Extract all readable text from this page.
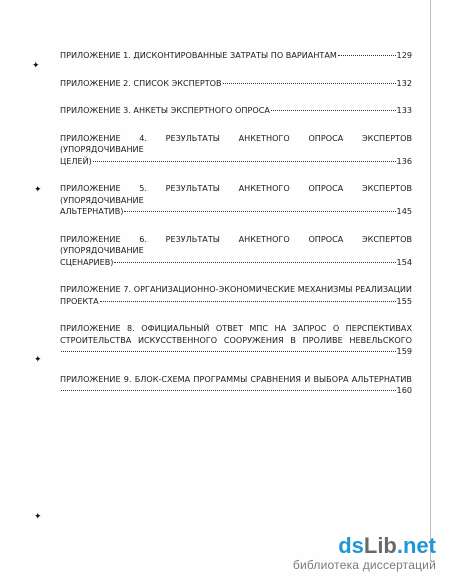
✦
✦
✦
✦
ПРИЛОЖЕНИЕ 1. ДИСКОНТИРОВАННЫЕ ЗАТРАТЫ ПО ВАРИАНТАМ	129
ПРИЛОЖЕНИЕ 2. СПИСОК ЭКСПЕРТОВ	132
ПРИЛОЖЕНИЕ 3. АНКЕТЫ ЭКСПЕРТНОГО ОПРОСА	133
ПРИЛОЖЕНИЕ 4. РЕЗУЛЬТАТЫ АНКЕТНОГО ОПРОСА ЭКСПЕРТОВ (УПОРЯДОЧИВАНИЕ
ЦЕЛЕЙ)	136
ПРИЛОЖЕНИЕ 5. РЕЗУЛЬТАТЫ АНКЕТНОГО ОПРОСА ЭКСПЕРТОВ (УПОРЯДОЧИВАНИЕ
АЛЬТЕРНАТИВ)	145
ПРИЛОЖЕНИЕ 6. РЕЗУЛЬТАТЫ АНКЕТНОГО ОПРОСА ЭКСПЕРТОВ (УПОРЯДОЧИВАНИЕ
СЦЕНАРИЕВ)	154
ПРИЛОЖЕНИЕ 7. ОРГАНИЗАЦИОННО-ЭКОНОМИЧЕСКИЕ МЕХАНИЗМЫ РЕАЛИЗАЦИИ
ПРОЕКТА	155
ПРИЛОЖЕНИЕ 8. ОФИЦИАЛЬНЫЙ ОТВЕТ МПС НА ЗАПРОС О ПЕРСПЕКТИВАХ
СТРОИТЕЛЬСТВА ИСКУССТВЕННОГО СООРУЖЕНИЯ В ПРОЛИВЕ НЕВЕЛЬСКОГО
159
ПРИЛОЖЕНИЕ 9. БЛОК-СХЕМА ПРОГРАММЫ СРАВНЕНИЯ И ВЫБОРА АЛЬТЕРНАТИВ
160
dsLib.net
библиотека диссертаций
